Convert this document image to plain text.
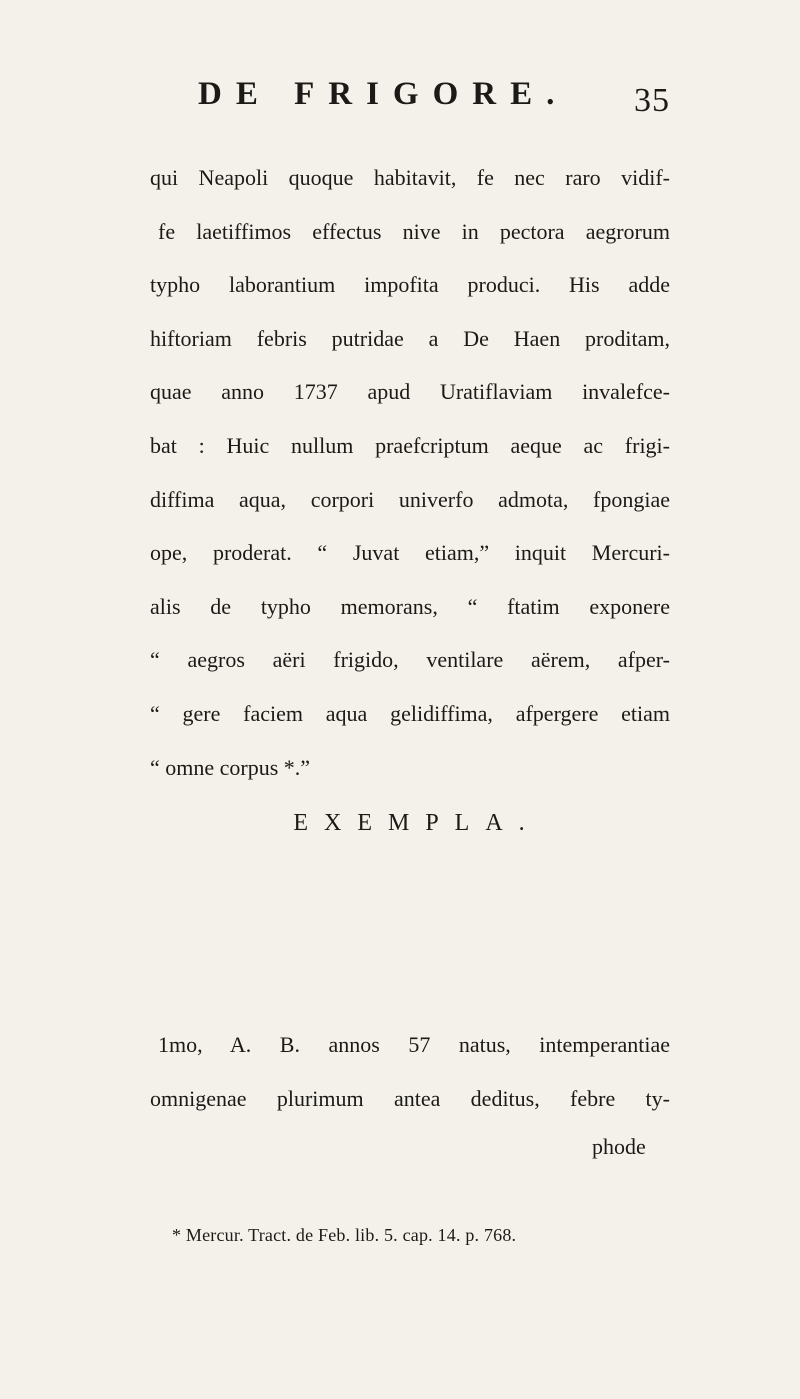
DE FRIGORE. 35
qui Neapoli quoque habitavit, fe nec raro vidif-
fe laetiffimos effectus nive in pectora aegrorum
typho laborantium impofita produci. His adde
hiftoriam febris putridae a De Haen proditam,
quae anno 1737 apud Uratiflaviam invalefce-
bat : Huic nullum praefcriptum aeque ac frigi-
diffima aqua, corpori univerfo admota, fpongiae
ope, proderat. “ Juvat etiam,” inquit Mercuri-
alis de typho memorans, “ ftatim exponere
“ aegros aëri frigido, ventilare aërem, afper-
“ gere faciem aqua gelidiffima, afpergere etiam
“ omne corpus *.”
EXEMPLA.
1mo, A. B. annos 57 natus, intemperantiae
omnigenae plurimum antea deditus, febre ty-
phode
* Mercur. Tract. de Feb. lib. 5. cap. 14. p. 768.
